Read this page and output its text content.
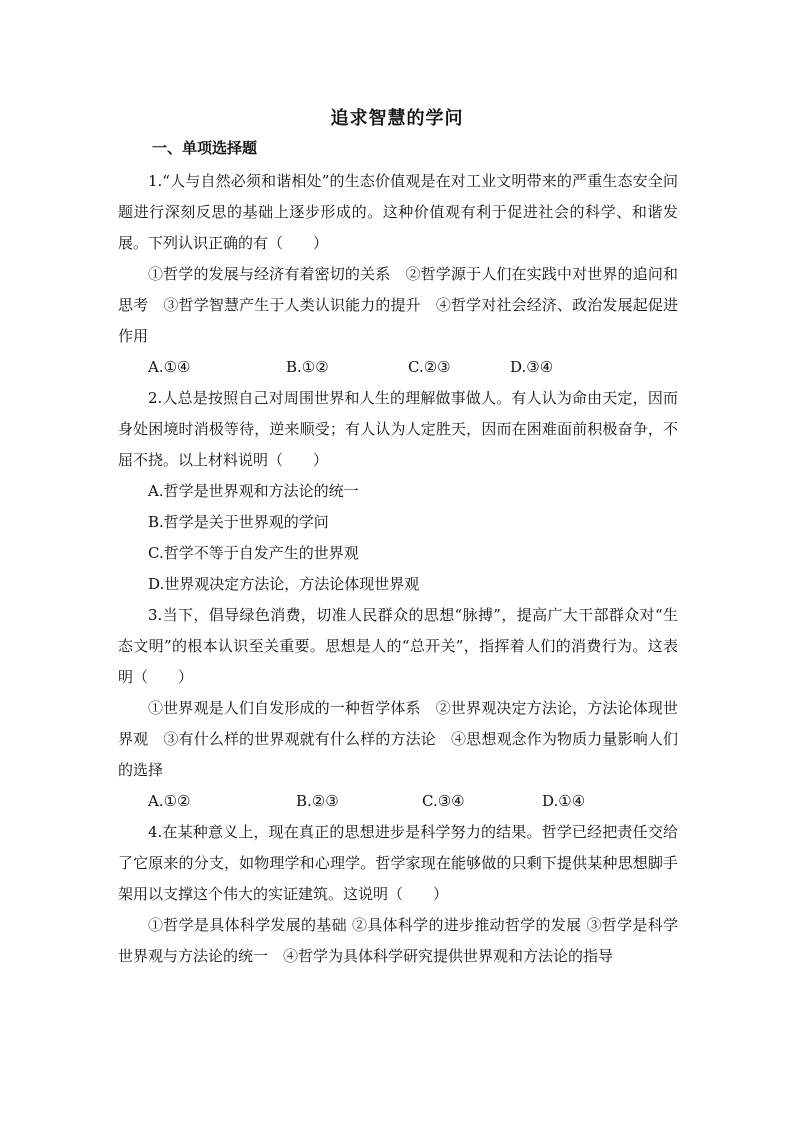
追求智慧的学问
一、单项选择题

1.“人与自然必须和谐相处”的生态价值观是在对工业文明带来的严重生态安全问题进行深刻反思的基础上逐步形成的。这种价值观有利于促进社会的科学、和谐发展。下列认识正确的有（　　）

①哲学的发展与经济有着密切的关系　②哲学源于人们在实践中对世界的追问和思考　③哲学智慧产生于人类认识能力的提升　④哲学对社会经济、政治发展起促进作用

A.①④	B.①②	C.②③	D.③④

2.人总是按照自己对周围世界和人生的理解做事做人。有人认为命由天定，因而身处困境时消极等待，逆来顺受；有人认为人定胜天，因而在困难面前积极奋争，不屈不挠。以上材料说明（　　）

A.哲学是世界观和方法论的统一

B.哲学是关于世界观的学问

C.哲学不等于自发产生的世界观

D.世界观决定方法论，方法论体现世界观

3.当下，倡导绿色消费，切准人民群众的思想“脉搏”，提高广大干部群众对“生态文明”的根本认识至关重要。思想是人的“总开关”，指挥着人们的消费行为。这表明（　　）

①世界观是人们自发形成的一种哲学体系　②世界观决定方法论，方法论体现世界观　③有什么样的世界观就有什么样的方法论　④思想观念作为物质力量影响人们的选择

A.①②	B.②③	C.③④	D.①④

4.在某种意义上，现在真正的思想进步是科学努力的结果。哲学已经把责任交给了它原来的分支，如物理学和心理学。哲学家现在能够做的只剩下提供某种思想脚手架用以支撑这个伟大的实证建筑。这说明（　　）

①哲学是具体科学发展的基础 ②具体科学的进步推动哲学的发展 ③哲学是科学世界观与方法论的统一　④哲学为具体科学研究提供世界观和方法论的指导
